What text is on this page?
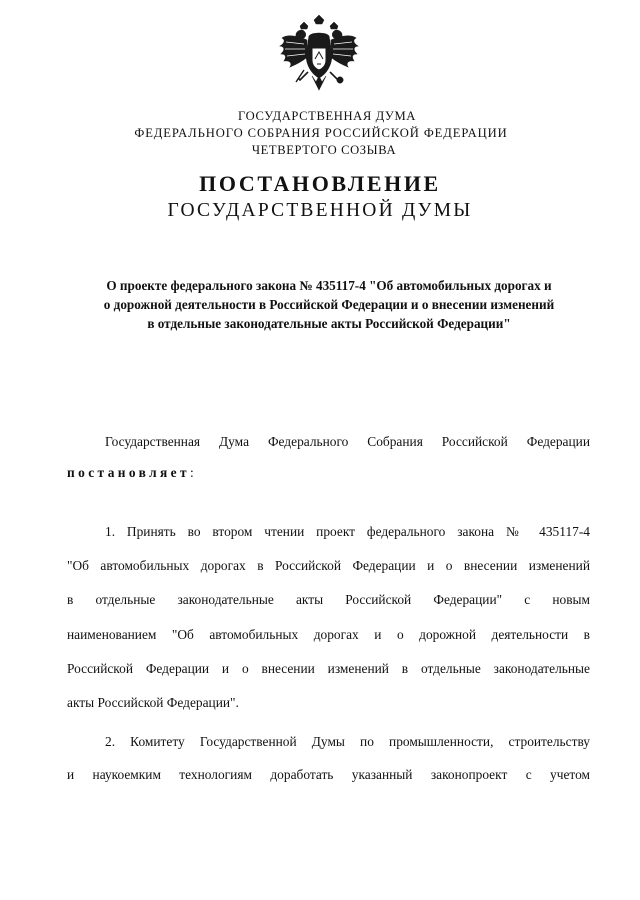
ГОСУДАРСТВЕННАЯ ДУМА
ФЕДЕРАЛЬНОГО СОБРАНИЯ РОССИЙСКОЙ ФЕДЕРАЦИИ
ЧЕТВЕРТОГО СОЗЫВА
ПОСТАНОВЛЕНИЕ
ГОСУДАРСТВЕННОЙ ДУМЫ
О проекте федерального закона № 435117-4 "Об автомобильных дорогах и
о дорожной деятельности в Российской Федерации и о внесении изменений
в отдельные законодательные акты Российской Федерации"
Государственная Дума Федерального Собрания Российской Федерации
постановляет:
1. Принять во втором чтении проект федерального закона № 435117-4
"Об автомобильных дорогах в Российской Федерации и о внесении изменений
в отдельные законодательные акты Российской Федерации" с новым
наименованием "Об автомобильных дорогах и о дорожной деятельности в
Российской Федерации и о внесении изменений в отдельные законодательные
акты Российской Федерации".
2. Комитету Государственной Думы по промышленности, строительству
и наукоемким технологиям доработать указанный законопроект с учетом
